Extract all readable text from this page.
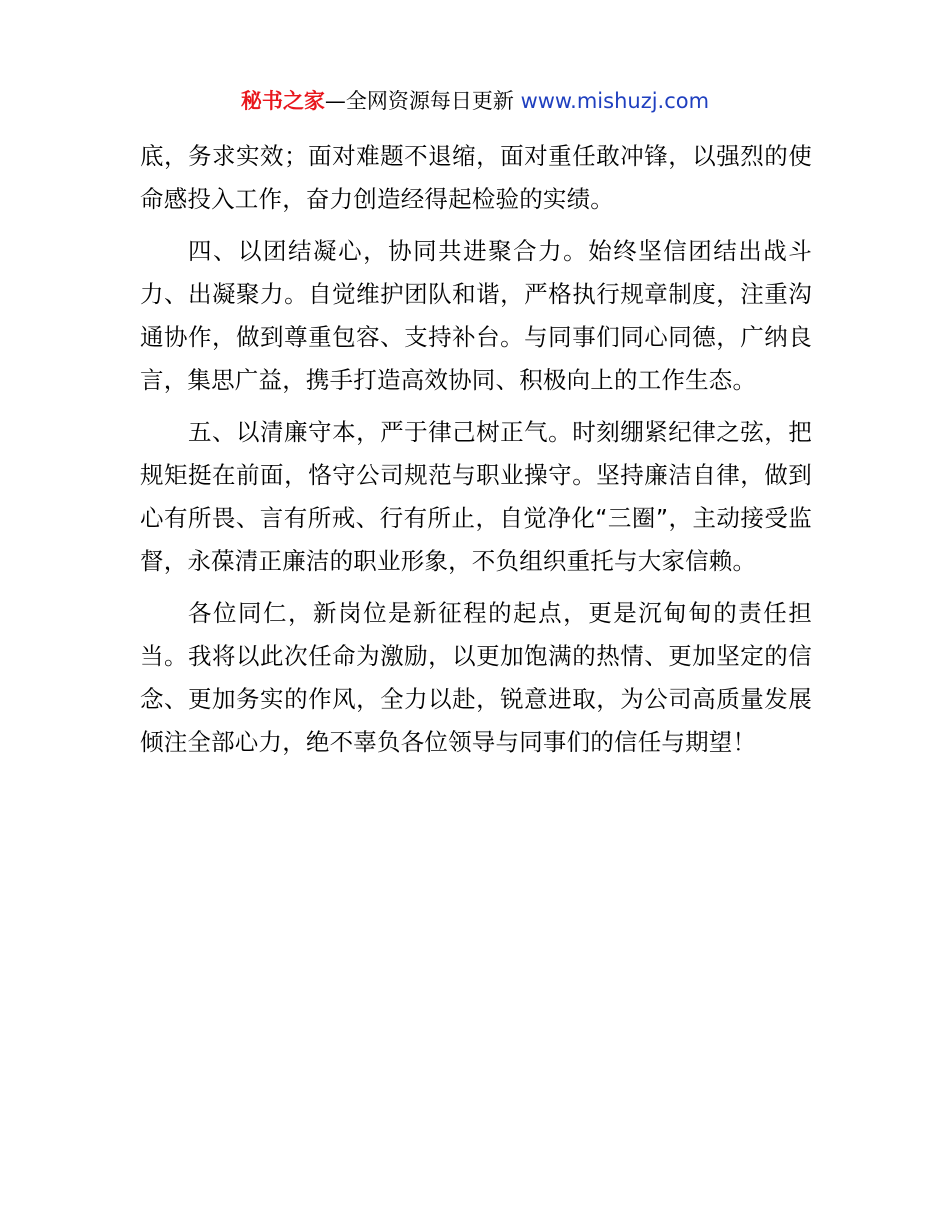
秘书之家—全网资源每日更新 www.mishuzj.com

底，务求实效；面对难题不退缩，面对重任敢冲锋，以强烈的使命感投入工作，奋力创造经得起检验的实绩。

四、以团结凝心，协同共进聚合力。始终坚信团结出战斗力、出凝聚力。自觉维护团队和谐，严格执行规章制度，注重沟通协作，做到尊重包容、支持补台。与同事们同心同德，广纳良言，集思广益，携手打造高效协同、积极向上的工作生态。

五、以清廉守本，严于律己树正气。时刻绷紧纪律之弦，把规矩挺在前面，恪守公司规范与职业操守。坚持廉洁自律，做到心有所畏、言有所戒、行有所止，自觉净化“三圈”，主动接受监督，永葆清正廉洁的职业形象，不负组织重托与大家信赖。

各位同仁，新岗位是新征程的起点，更是沉甸甸的责任担当。我将以此次任命为激励，以更加饱满的热情、更加坚定的信念、更加务实的作风，全力以赴，锐意进取，为公司高质量发展倾注全部心力，绝不辜负各位领导与同事们的信任与期望！
